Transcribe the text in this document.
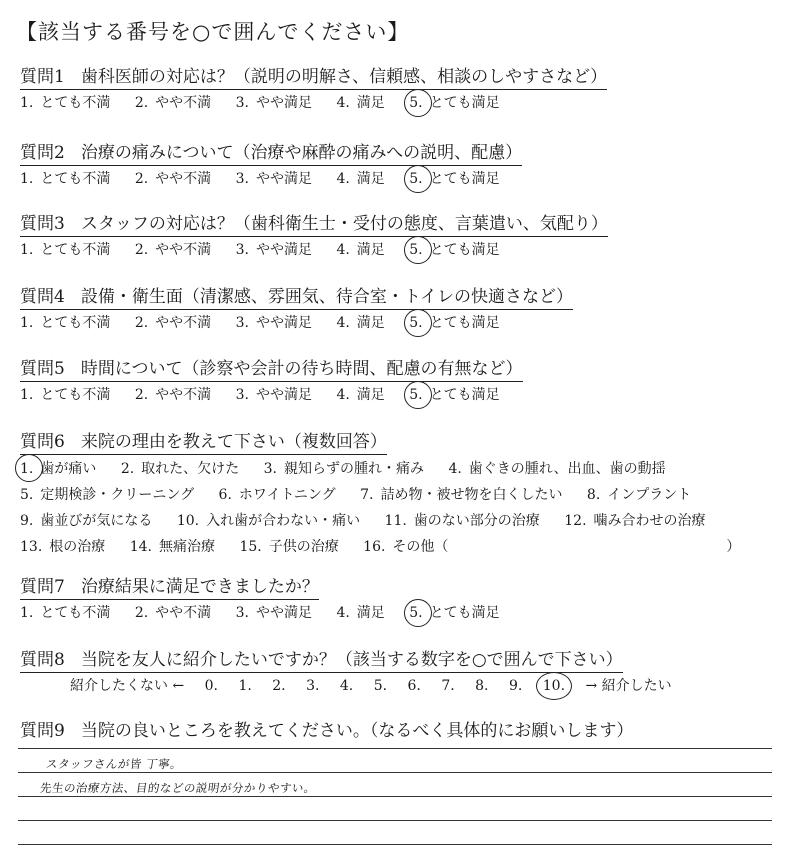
【該当する番号を○で囲んでください】
質問1 歯科医師の対応は？（説明の明解さ、信頼感、相談のしやすさなど）
1. とても不満 2. やや不満 3. やや満足 4. 満足 5. とても満足
質問2 治療の痛みについて（治療や麻酔の痛みへの説明、配慮）
1. とても不満 2. やや不満 3. やや満足 4. 満足 5. とても満足
質問3 スタッフの対応は？（歯科衛生士・受付の態度、言葉遣い、気配り）
1. とても不満 2. やや不満 3. やや満足 4. 満足 5. とても満足
質問4 設備・衛生面（清潔感、雰囲気、待合室・トイレの快適さなど）
1. とても不満 2. やや不満 3. やや満足 4. 満足 5. とても満足
質問5 時間について（診察や会計の待ち時間、配慮の有無など）
1. とても不満 2. やや不満 3. やや満足 4. 満足 5. とても満足
質問6 来院の理由を教えて下さい（複数回答）
1. 歯が痛い 2. 取れた、欠けた 3. 親知らずの腫れ・痛み 4. 歯ぐきの腫れ、出血、歯の動揺
5. 定期検診・クリーニング 6. ホワイトニング 7. 詰め物・被せ物を白くしたい 8. インプラント
9. 歯並びが気になる 10. 入れ歯が合わない・痛い 11. 歯のない部分の治療 12. 噛み合わせの治療
13. 根の治療 14. 無痛治療 15. 子供の治療 16. その他（	）
質問7 治療結果に満足できましたか？
1. とても不満 2. やや不満 3. やや満足 4. 満足 5. とても満足
質問8 当院を友人に紹介したいですか？（該当する数字を○で囲んで下さい）
紹介したくない ← 0. 1. 2. 3. 4. 5. 6. 7. 8. 9. 10. → 紹介したい
質問9 当院の良いところを教えてください。（なるべく具体的にお願いします）
スタッフさんが皆 丁寧。
先生の治療方法、目的などの説明が分かりやすい。
